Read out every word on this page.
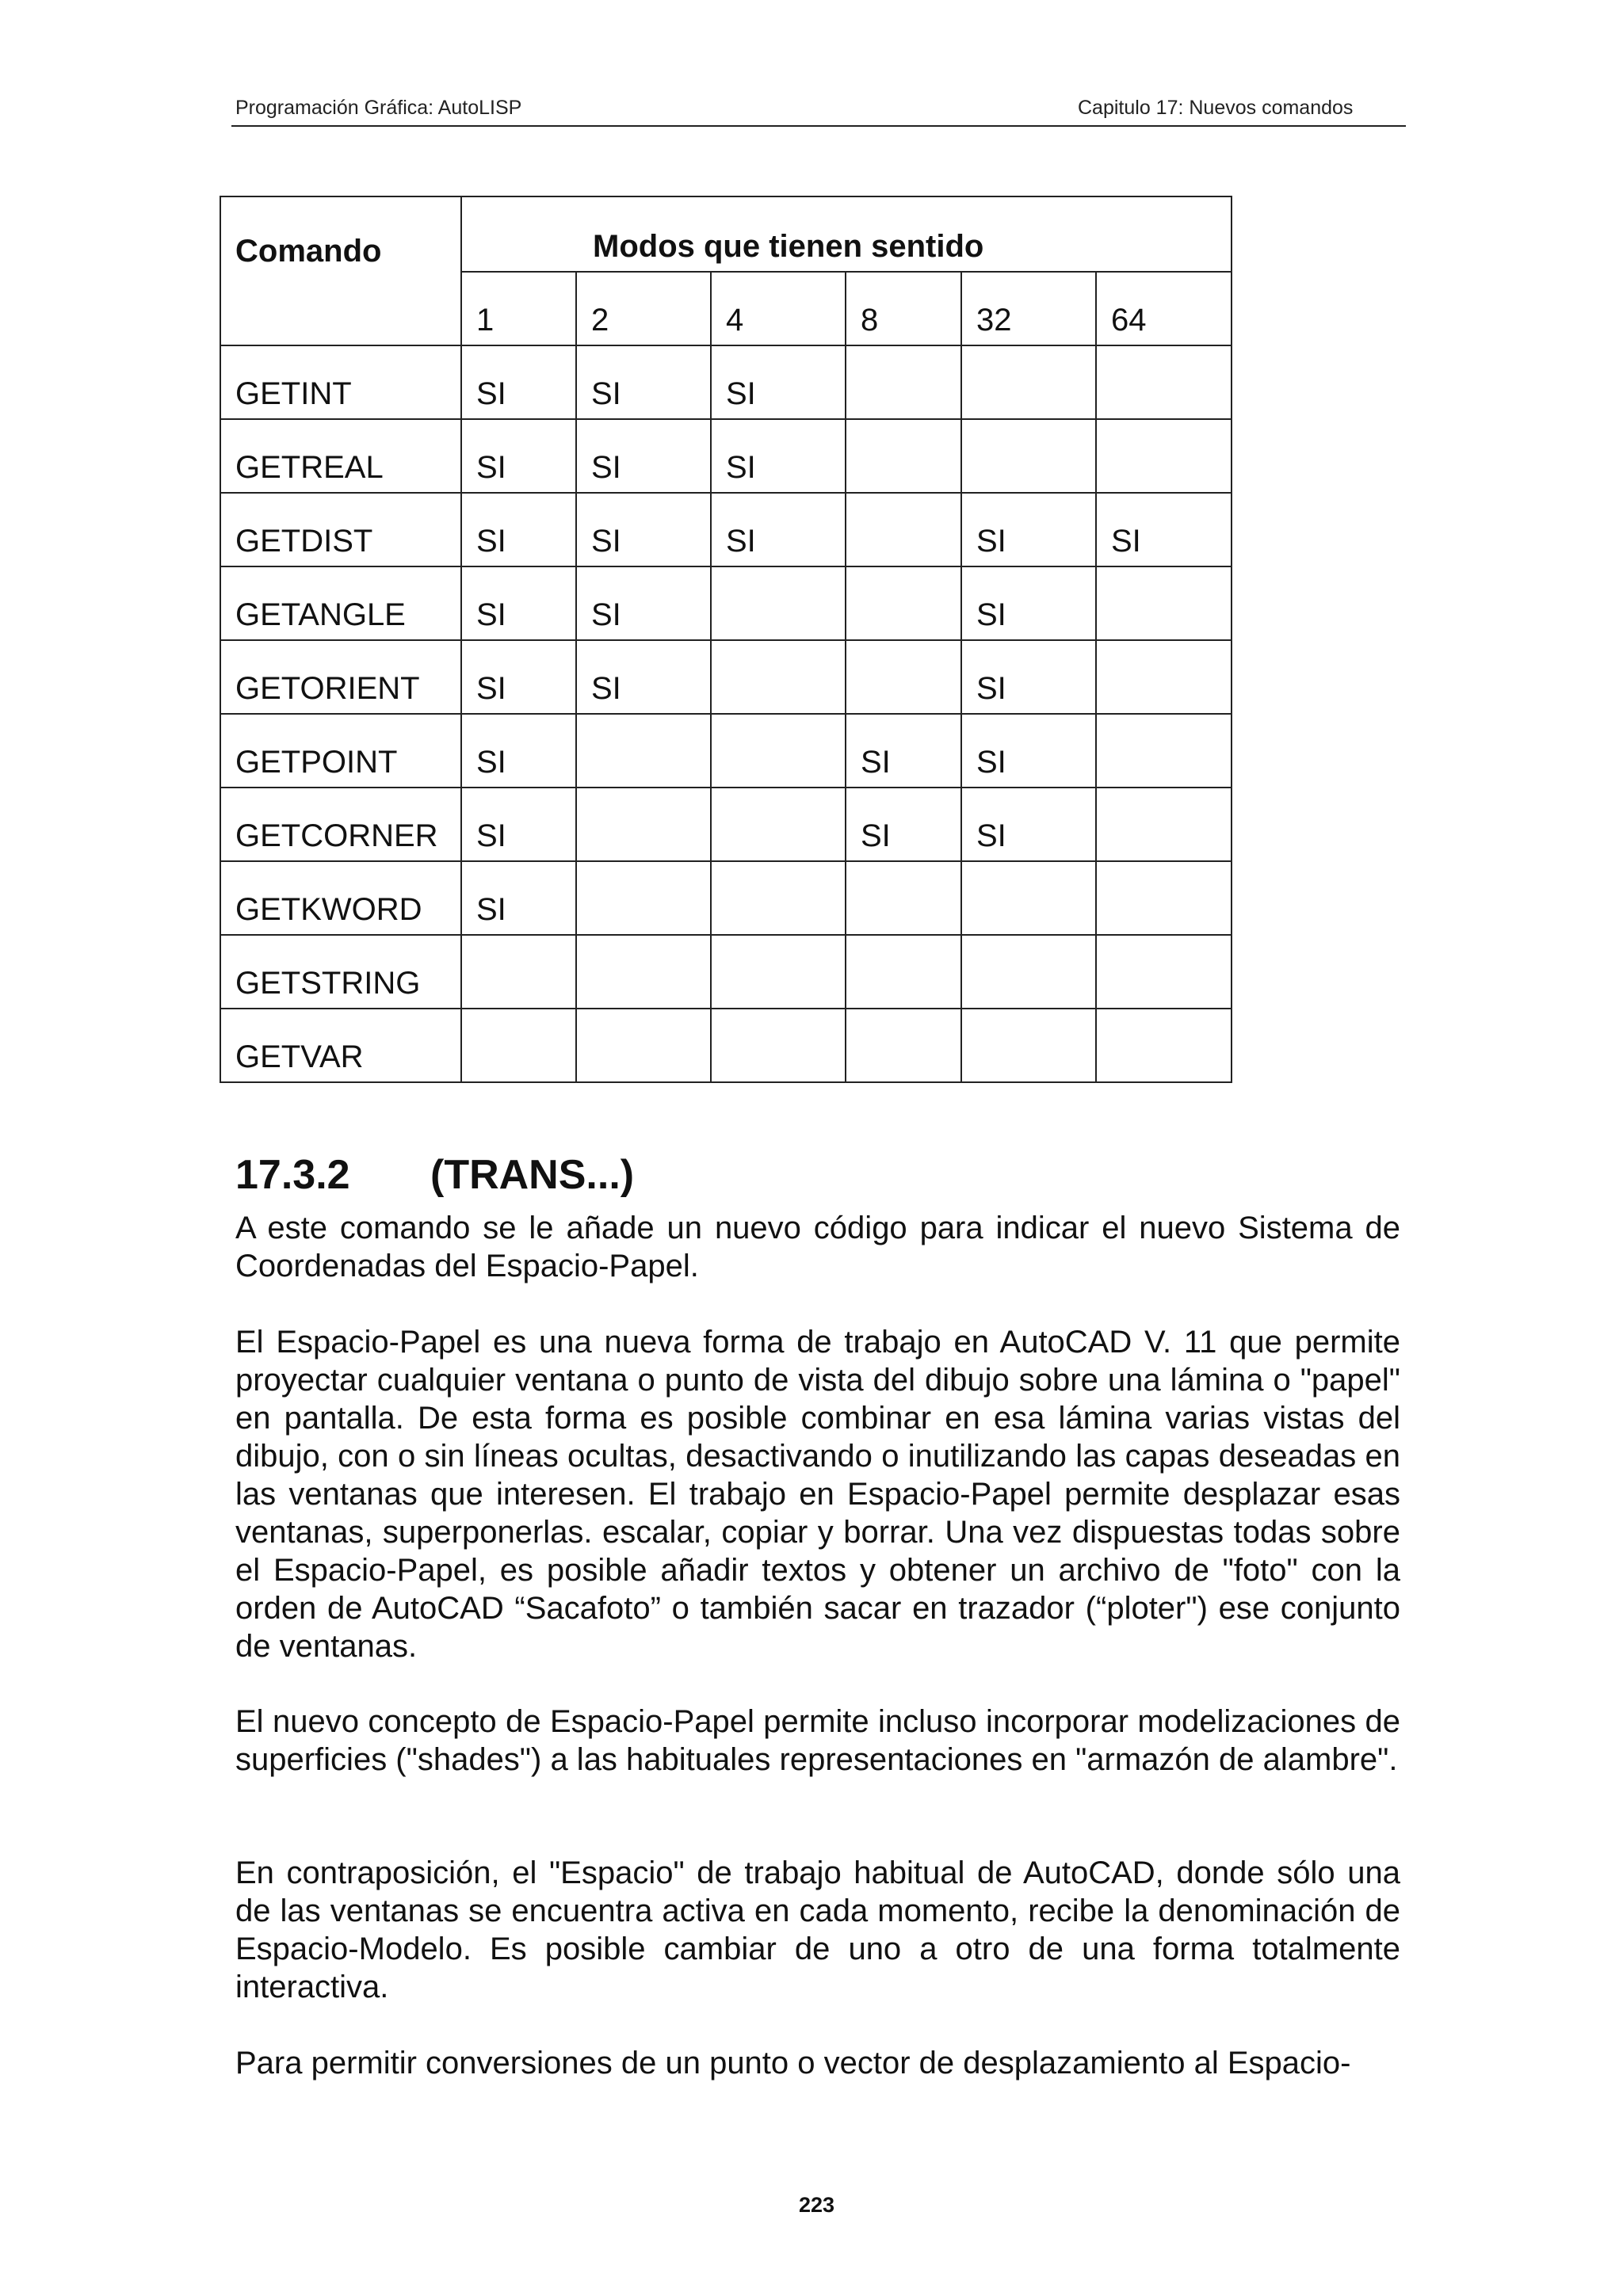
Programación Gráfica: AutoLISP	Capitulo 17: Nuevos comandos
Comando	Modos que tienen sentido					

	1	2	4	8	32	64

GETINT	SI	SI	SI			

GETREAL	SI	SI	SI			

GETDIST	SI	SI	SI		SI	SI

GETANGLE	SI	SI			SI	

GETORIENT	SI	SI			SI	

GETPOINT	SI			SI	SI	

GETCORNER	SI			SI	SI	

GETKWORD	SI					

GETSTRING						

GETVAR						

17.3.2 (TRANS...)
A este comando se le añade un nuevo código para indicar el nuevo Sistema de Coordenadas del Espacio-Papel.
El Espacio-Papel es una nueva forma de trabajo en AutoCAD V. 11 que permite proyectar cualquier ventana o punto de vista del dibujo sobre una lámina o "papel" en pantalla. De esta forma es posible combinar en esa lámina varias vistas del dibujo, con o sin líneas ocultas, desactivando o inutilizando las capas deseadas en las ventanas que interesen. El trabajo en Espacio-Papel permite desplazar esas ventanas, superponerlas. escalar, copiar y borrar. Una vez dispuestas todas sobre el Espacio-Papel, es posible añadir textos y obtener un archivo de "foto" con la orden de AutoCAD “Sacafoto” o también sacar en trazador (“ploter") ese conjunto de ventanas.
El nuevo concepto de Espacio-Papel permite incluso incorporar modelizaciones de superficies ("shades") a las habituales representaciones en "armazón de alambre".
En contraposición, el "Espacio" de trabajo habitual de AutoCAD, donde sólo una de las ventanas se encuentra activa en cada momento, recibe la denominación de Espacio-Modelo. Es posible cambiar de uno a otro de una forma totalmente interactiva.
Para permitir conversiones de un punto o vector de desplazamiento al Espacio-
223
